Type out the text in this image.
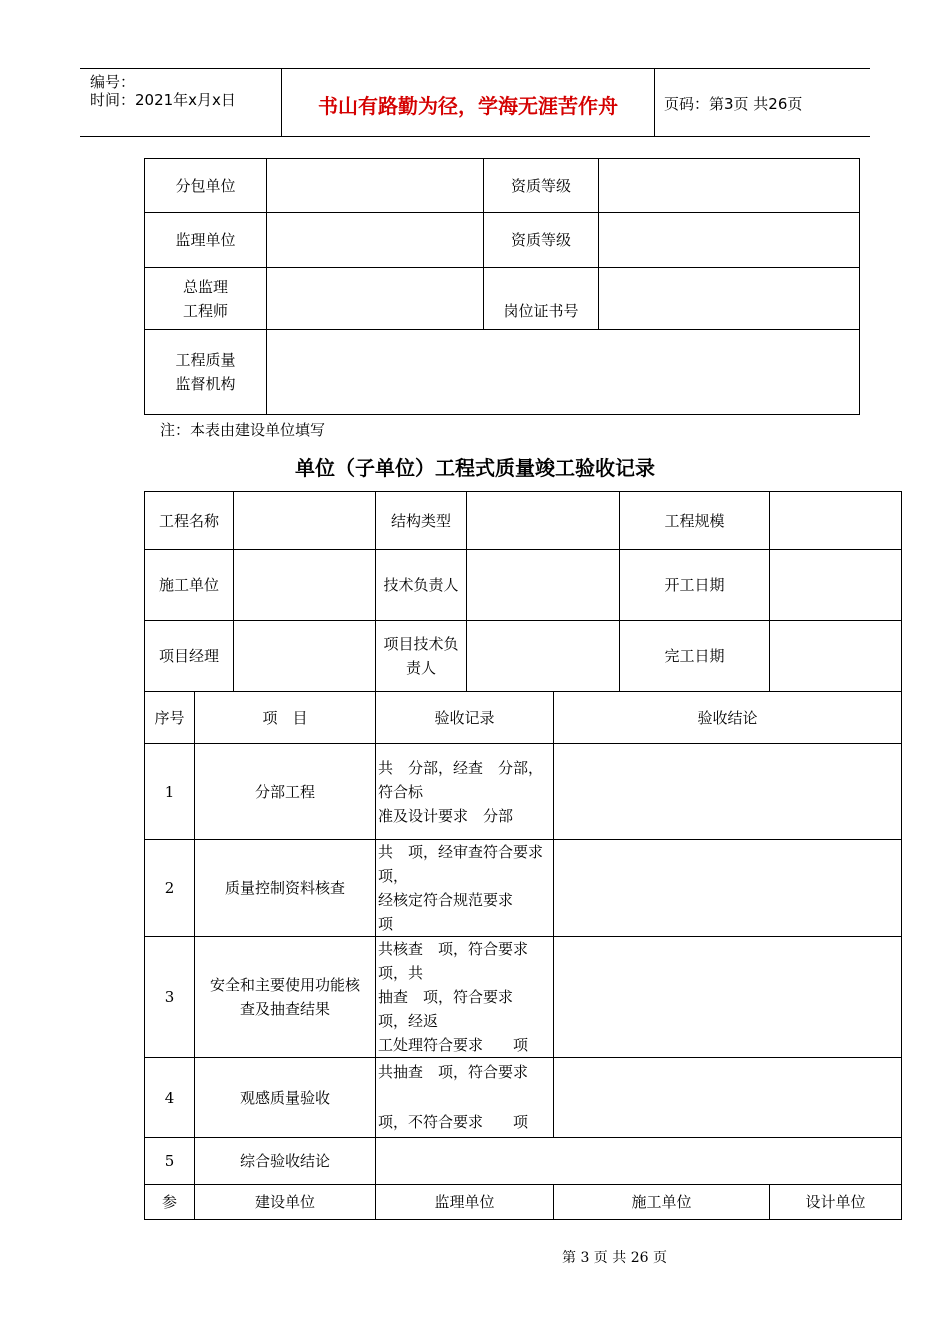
编号：
时间：2021年x月x日	书山有路勤为径，学海无涯苦作舟	页码：第3页 共26页
分包单位		资质等级	
监理单位		资质等级	

总监理
工程师		岗位证书号	

工程质量
监督机构			

注：本表由建设单位填写
单位（子单位）工程式质量竣工验收记录
工程名称			结构类型			工程规模	
施工单位			技术负责人			开工日期	
项目经理			项目技术负
责人			完工日期	
序号	项　目		验收记录		验收结论		
1	分部工程		共　分部，经查　分部，符合标
准及设计要求　分部				

2	质量控制资料核查		共　项，经审查符合要求　项，
经核定符合规范要求　　项				

3	安全和主要使用功能核
查及抽查结果		共核查　项，符合要求　项，共
抽查　项，符合要求　项，经返
工处理符合要求　　项				

4	观感质量验收		共抽查　项，符合要求
项，不符合要求　　项				

5	综合验收结论						
参	建设单位		监理单位		施工单位		设计单位
第 3 页 共 26 页
